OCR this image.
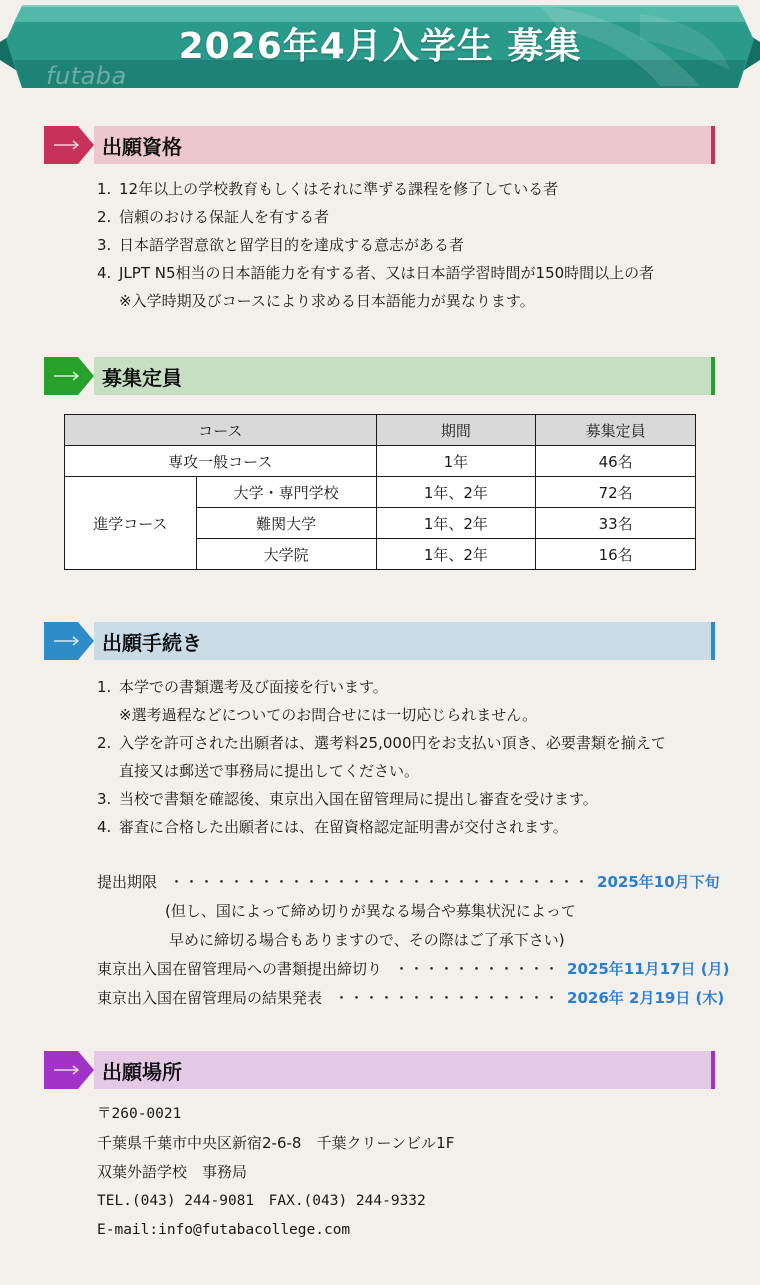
2026年4月入学生 募集
futaba
出願資格
1. 12年以上の学校教育もしくはそれに準ずる課程を修了している者
2. 信頼のおける保証人を有する者
3. 日本語学習意欲と留学目的を達成する意志がある者
4. JLPT N5相当の日本語能力を有する者、又は日本語学習時間が150時間以上の者
※入学時期及びコースにより求める日本語能力が異なります。
募集定員
コース		期間	募集定員
専攻一般コース		1年	46名
進学コース	大学・専門学校	1年、2年	72名
	難関大学	1年、2年	33名
	大学院	1年、2年	16名
出願手続き
1. 本学での書類選考及び面接を行います。
※選考過程などについてのお問合せには一切応じられません。
2. 入学を許可された出願者は、選考料25,000円をお支払い頂き、必要書類を揃えて
直接又は郵送で事務局に提出してください。
3. 当校で書類を確認後、東京出入国在留管理局に提出し審査を受けます。
4. 審査に合格した出願者には、在留資格認定証明書が交付されます。
提出期限 ・・・・・・・・・・・・・・・・・・・・・・・・・・・・ 2025年10月下旬
(但し、国によって締め切りが異なる場合や募集状況によって
早めに締切る場合もありますので、その際はご了承下さい)
東京出入国在留管理局への書類提出締切り ・・・・・・・・・・・ 2025年11月17日 (月)
東京出入国在留管理局の結果発表 ・・・・・・・・・・・・・・・ 2026年 2月19日 (木)
出願場所
〒260-0021
千葉県千葉市中央区新宿2-6-8　千葉クリーンビル1F
双葉外語学校　事務局
TEL.(043) 244-9081　FAX.(043) 244-9332
E-mail:info@futabacollege.com
